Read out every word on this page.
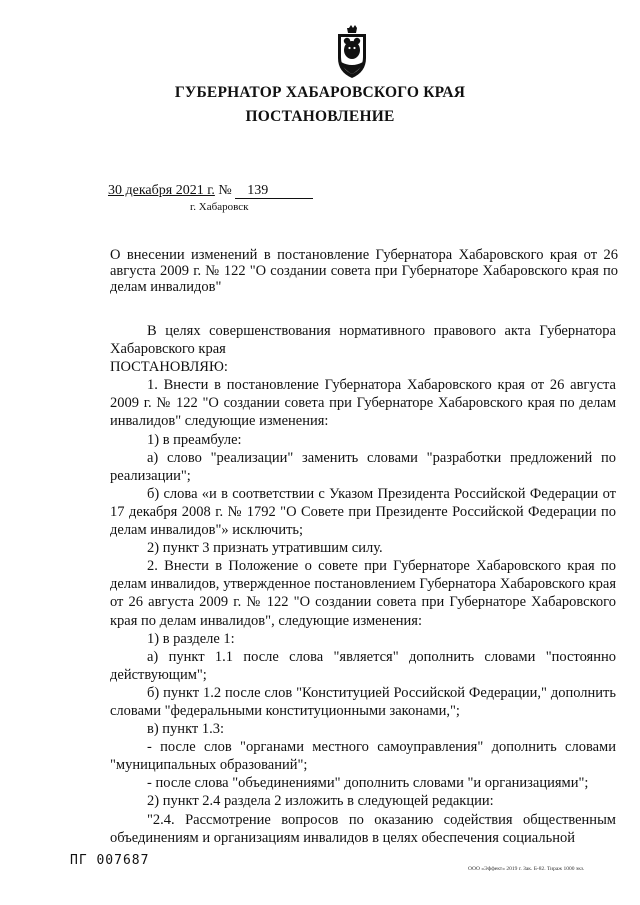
ГУБЕРНАТОР ХАБАРОВСКОГО КРАЯ
ПОСТАНОВЛЕНИЕ
30 декабря 2021 г. № 139
г. Хабаровск
О внесении изменений в постановление Губернатора Хабаровского края от 26 августа 2009 г. № 122 "О создании совета при Губернаторе Хабаровского края по делам инвалидов"

В целях совершенствования нормативного правового акта Губернатора Хабаровского края

ПОСТАНОВЛЯЮ:

1. Внести в постановление Губернатора Хабаровского края от 26 августа 2009 г. № 122 "О создании совета при Губернаторе Хабаровского края по делам инвалидов" следующие изменения:

1) в преамбуле:

а) слово "реализации" заменить словами "разработки предложений по реализации";

б) слова «и в соответствии с Указом Президента Российской Федерации от 17 декабря 2008 г. № 1792 "О Совете при Президенте Российской Федерации по делам инвалидов"» исключить;

2) пункт 3 признать утратившим силу.

2. Внести в Положение о совете при Губернаторе Хабаровского края по делам инвалидов, утвержденное постановлением Губернатора Хабаровского края от 26 августа 2009 г. № 122 "О создании совета при Губернаторе Хабаровского края по делам инвалидов", следующие изменения:

1) в разделе 1:

а) пункт 1.1 после слова "является" дополнить словами "постоянно действующим";

б) пункт 1.2 после слов "Конституцией Российской Федерации," дополнить словами "федеральными конституционными законами,";

в) пункт 1.3:

- после слов "органами местного самоуправления" дополнить словами "муниципальных образований";

- после слова "объединениями" дополнить словами "и организациями";

2) пункт 2.4 раздела 2 изложить в следующей редакции:

"2.4. Рассмотрение вопросов по оказанию содействия общественным объединениям и организациям инвалидов в целях обеспечения социальной

ПГ 007687
ООО «Эффект» 2019 г. Зак. Б-82. Тираж 1000 экз.
